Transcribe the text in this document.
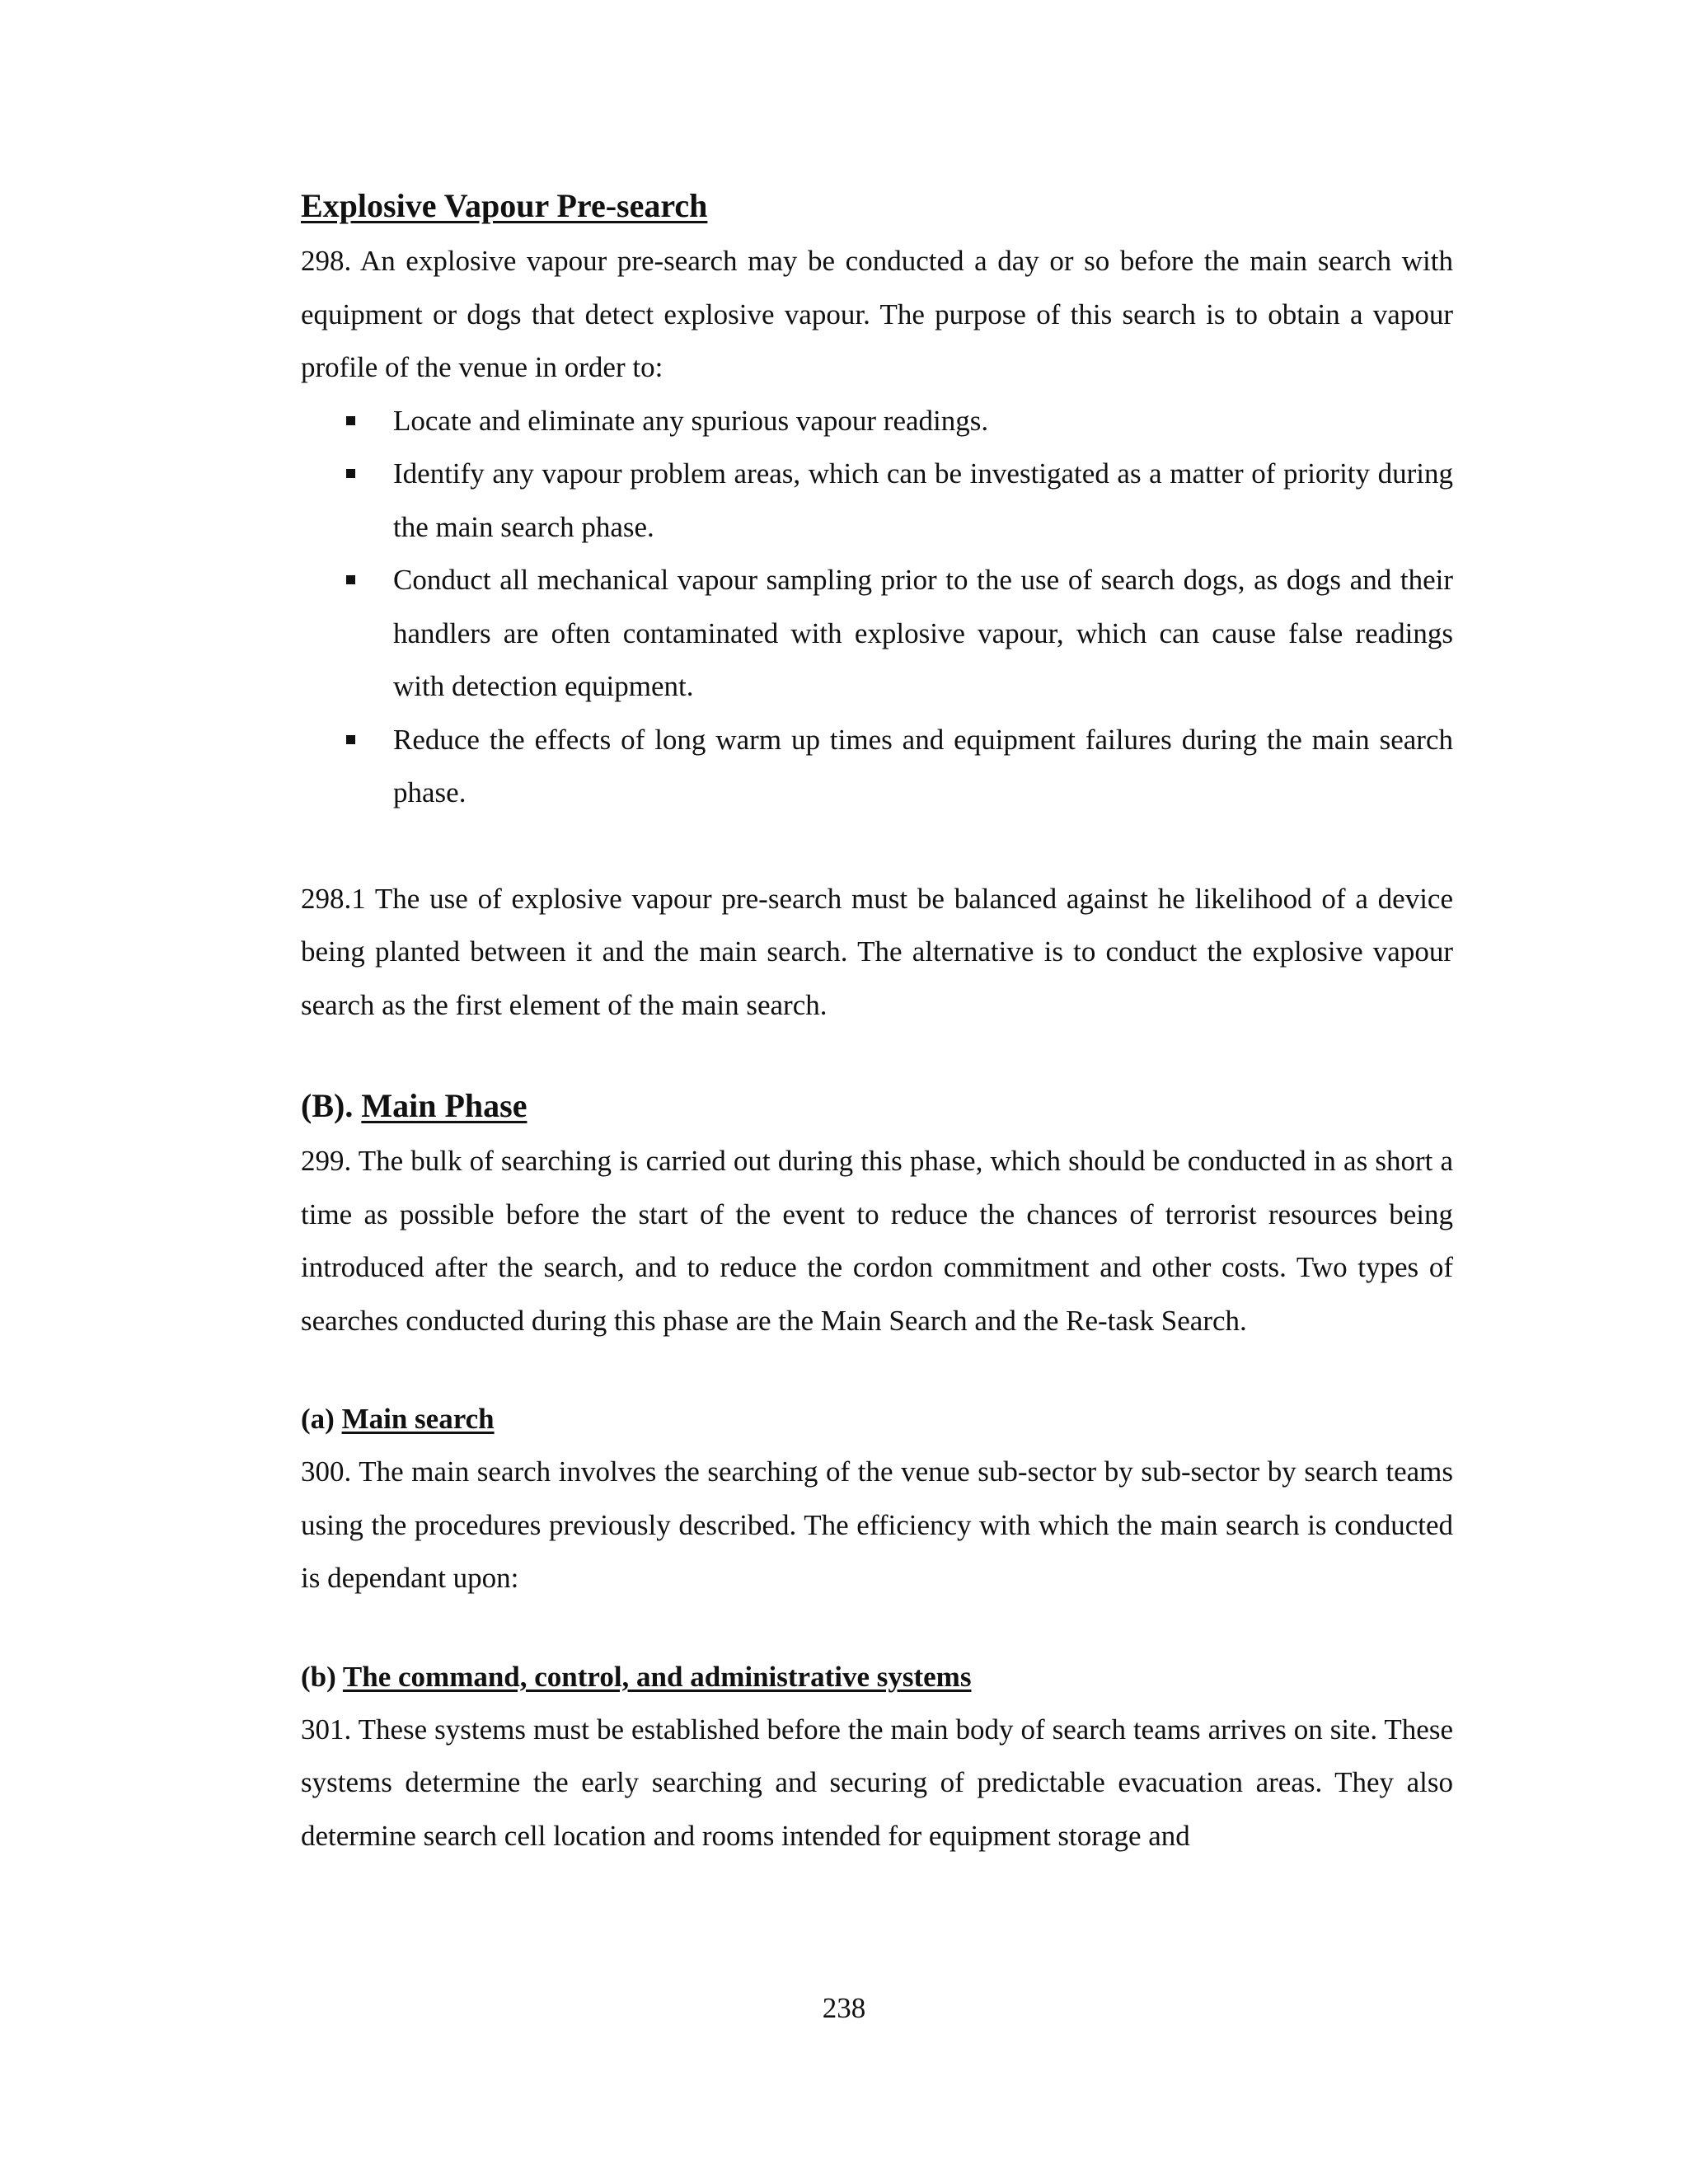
Explosive Vapour Pre-search

298. An explosive vapour pre-search may be conducted a day or so before the main search with equipment or dogs that detect explosive vapour. The purpose of this search is to obtain a vapour profile of the venue in order to:

Locate and eliminate any spurious vapour readings.
Identify any vapour problem areas, which can be investigated as a matter of priority during the main search phase.
Conduct all mechanical vapour sampling prior to the use of search dogs, as dogs and their handlers are often contaminated with explosive vapour, which can cause false readings with detection equipment.
Reduce the effects of long warm up times and equipment failures during the main search phase.

298.1 The use of explosive vapour pre-search must be balanced against he likelihood of a device being planted between it and the main search. The alternative is to conduct the explosive vapour search as the first element of the main search.

(B). Main Phase

299. The bulk of searching is carried out during this phase, which should be conducted in as short a time as possible before the start of the event to reduce the chances of terrorist resources being introduced after the search, and to reduce the cordon commitment and other costs. Two types of searches conducted during this phase are the Main Search and the Re-task Search.

(a) Main search

300. The main search involves the searching of the venue sub-sector by sub-sector by search teams using the procedures previously described. The efficiency with which the main search is conducted is dependant upon:

(b) The command, control, and administrative systems

301. These systems must be established before the main body of search teams arrives on site. These systems determine the early searching and securing of predictable evacuation areas. They also determine search cell location and rooms intended for equipment storage and

238
